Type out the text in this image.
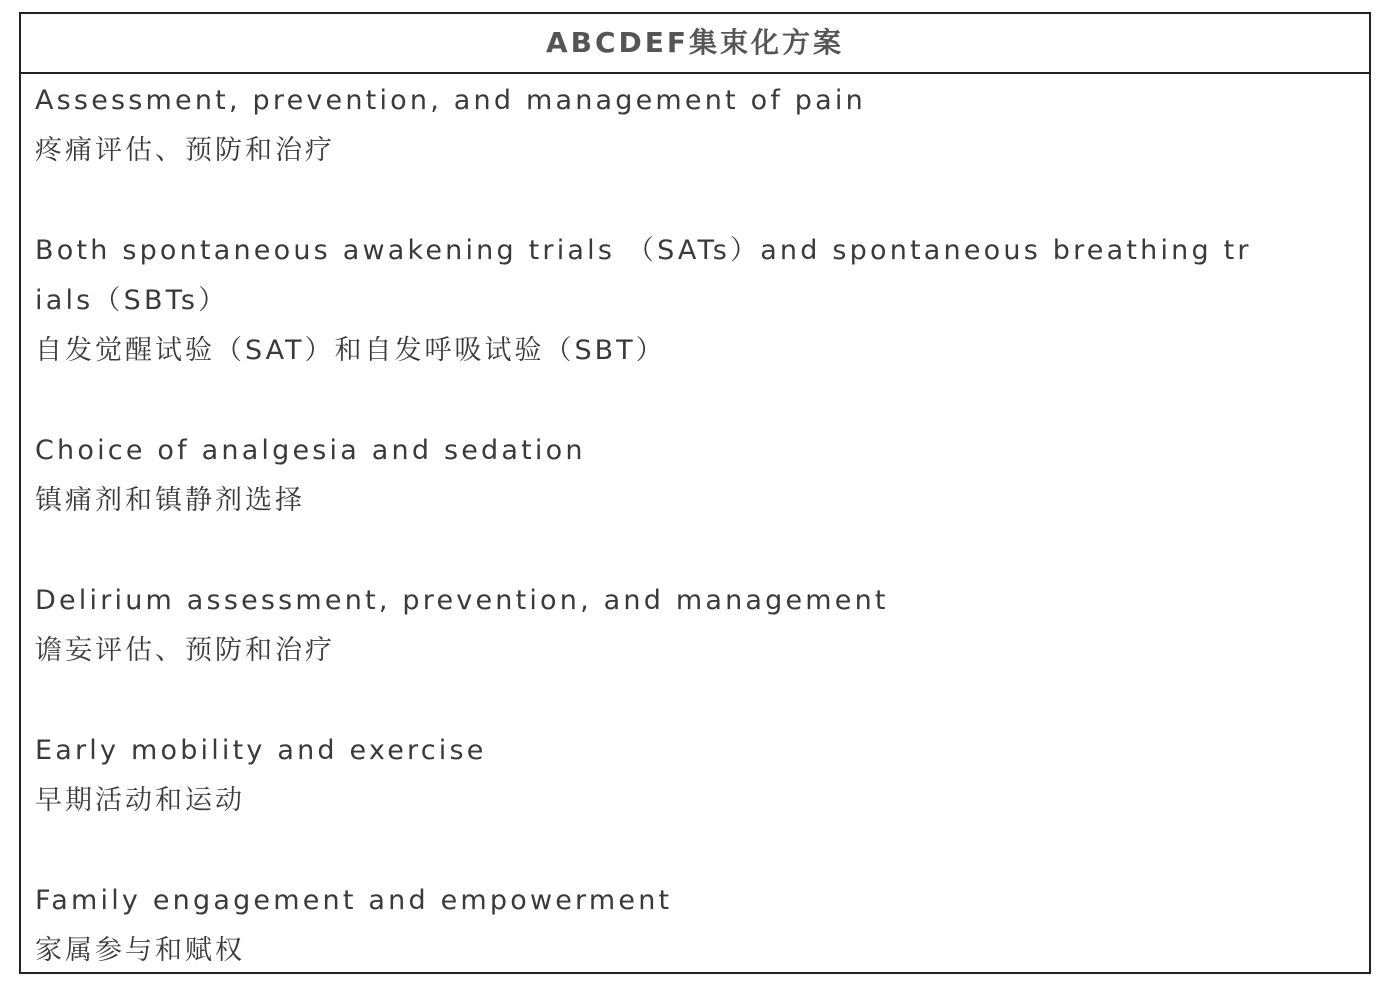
ABCDEF集束化方案
Assessment, prevention, and management of pain
疼痛评估、预防和治疗
Both spontaneous awakening trials （SATs）and spontaneous breathing tr
ials（SBTs）
自发觉醒试验（SAT）和自发呼吸试验（SBT）
Choice of analgesia and sedation
镇痛剂和镇静剂选择
Delirium assessment, prevention, and management
谵妄评估、预防和治疗
Early mobility and exercise
早期活动和运动
Family engagement and empowerment
家属参与和赋权
